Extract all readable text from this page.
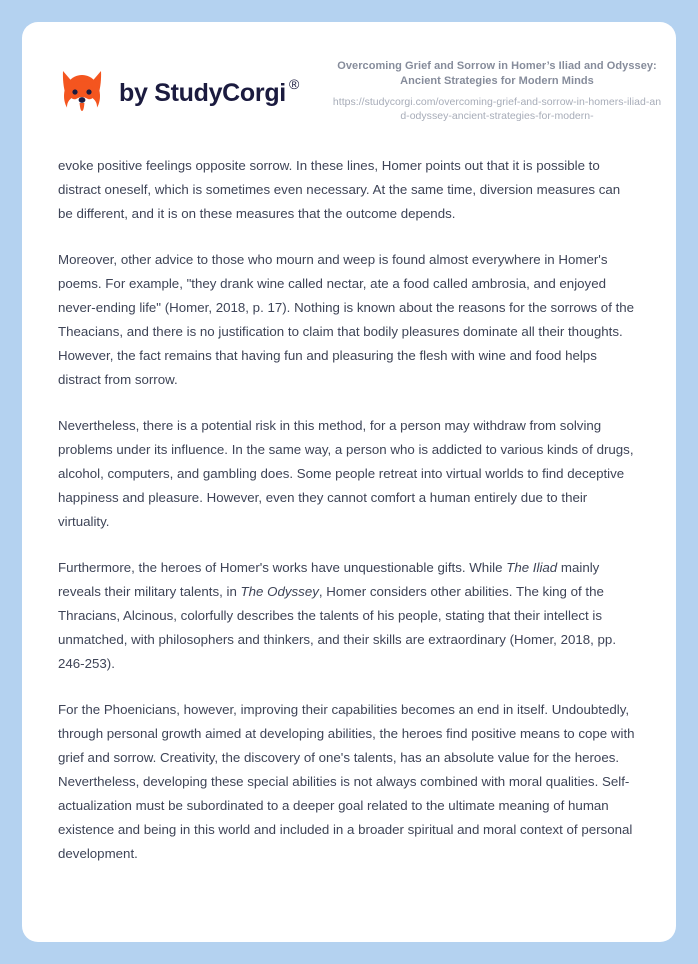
by StudyCorgi ®

Overcoming Grief and Sorrow in Homer’s Iliad and Odyssey: Ancient Strategies for Modern Minds

https://studycorgi.com/overcoming-grief-and-sorrow-in-homers-iliad-and-odyssey-ancient-strategies-for-modern-

evoke positive feelings opposite sorrow. In these lines, Homer points out that it is possible to distract oneself, which is sometimes even necessary. At the same time, diversion measures can be different, and it is on these measures that the outcome depends.

Moreover, other advice to those who mourn and weep is found almost everywhere in Homer's poems. For example, "they drank wine called nectar, ate a food called ambrosia, and enjoyed never-ending life" (Homer, 2018, p. 17). Nothing is known about the reasons for the sorrows of the Theacians, and there is no justification to claim that bodily pleasures dominate all their thoughts. However, the fact remains that having fun and pleasuring the flesh with wine and food helps distract from sorrow.

Nevertheless, there is a potential risk in this method, for a person may withdraw from solving problems under its influence. In the same way, a person who is addicted to various kinds of drugs, alcohol, computers, and gambling does. Some people retreat into virtual worlds to find deceptive happiness and pleasure. However, even they cannot comfort a human entirely due to their virtuality.

Furthermore, the heroes of Homer's works have unquestionable gifts. While The Iliad mainly reveals their military talents, in The Odyssey, Homer considers other abilities. The king of the Thracians, Alcinous, colorfully describes the talents of his people, stating that their intellect is unmatched, with philosophers and thinkers, and their skills are extraordinary (Homer, 2018, pp. 246-253).

For the Phoenicians, however, improving their capabilities becomes an end in itself. Undoubtedly, through personal growth aimed at developing abilities, the heroes find positive means to cope with grief and sorrow. Creativity, the discovery of one's talents, has an absolute value for the heroes. Nevertheless, developing these special abilities is not always combined with moral qualities. Self-actualization must be subordinated to a deeper goal related to the ultimate meaning of human existence and being in this world and included in a broader spiritual and moral context of personal development.
